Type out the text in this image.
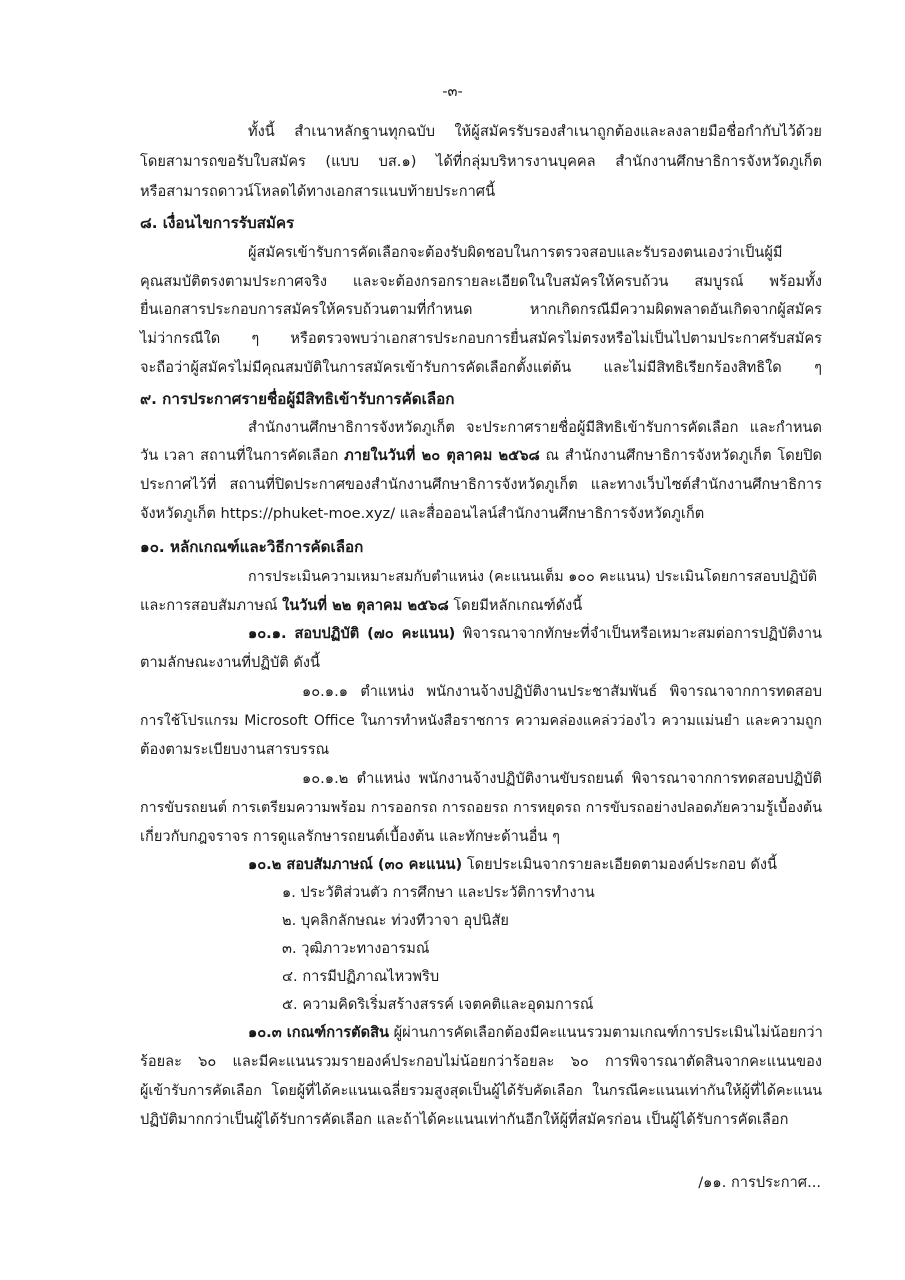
-๓-
ทั้งนี้ สำเนาหลักฐานทุกฉบับ ให้ผู้สมัครรับรองสำเนาถูกต้องและลงลายมือชื่อกำกับไว้ด้วย
โดยสามารถขอรับใบสมัคร (แบบ บส.๑) ได้ที่กลุ่มบริหารงานบุคคล สำนักงานศึกษาธิการจังหวัดภูเก็ต
หรือสามารถดาวน์โหลดได้ทางเอกสารแนบท้ายประกาศนี้
๘. เงื่อนไขการรับสมัคร
ผู้สมัครเข้ารับการคัดเลือกจะต้องรับผิดชอบในการตรวจสอบและรับรองตนเองว่าเป็นผู้มี
คุณสมบัติตรงตามประกาศจริง และจะต้องกรอกรายละเอียดในใบสมัครให้ครบถ้วน สมบูรณ์ พร้อมทั้ง
ยื่นเอกสารประกอบการสมัครให้ครบถ้วนตามที่กำหนด หากเกิดกรณีมีความผิดพลาดอันเกิดจากผู้สมัคร
ไม่ว่ากรณีใด ๆ หรือตรวจพบว่าเอกสารประกอบการยื่นสมัครไม่ตรงหรือไม่เป็นไปตามประกาศรับสมัคร
จะถือว่าผู้สมัครไม่มีคุณสมบัติในการสมัครเข้ารับการคัดเลือกตั้งแต่ต้น และไม่มีสิทธิเรียกร้องสิทธิใด ๆ
๙. การประกาศรายชื่อผู้มีสิทธิเข้ารับการคัดเลือก
สำนักงานศึกษาธิการจังหวัดภูเก็ต จะประกาศรายชื่อผู้มีสิทธิเข้ารับการคัดเลือก และกำหนด
วัน เวลา สถานที่ในการคัดเลือก ภายในวันที่ ๒๐ ตุลาคม ๒๕๖๘ ณ สำนักงานศึกษาธิการจังหวัดภูเก็ต โดยปิด
ประกาศไว้ที่ สถานที่ปิดประกาศของสำนักงานศึกษาธิการจังหวัดภูเก็ต และทางเว็บไซต์สำนักงานศึกษาธิการ
จังหวัดภูเก็ต https://phuket-moe.xyz/ และสื่อออนไลน์สำนักงานศึกษาธิการจังหวัดภูเก็ต
๑๐. หลักเกณฑ์และวิธีการคัดเลือก
การประเมินความเหมาะสมกับตำแหน่ง (คะแนนเต็ม ๑๐๐ คะแนน) ประเมินโดยการสอบปฏิบัติ
และการสอบสัมภาษณ์ ในวันที่ ๒๒ ตุลาคม ๒๕๖๘ โดยมีหลักเกณฑ์ดังนี้
๑๐.๑. สอบปฏิบัติ (๗๐ คะแนน) พิจารณาจากทักษะที่จำเป็นหรือเหมาะสมต่อการปฏิบัติงาน
ตามลักษณะงานที่ปฏิบัติ ดังนี้
๑๐.๑.๑ ตำแหน่ง พนักงานจ้างปฏิบัติงานประชาสัมพันธ์ พิจารณาจากการทดสอบ
การใช้โปรแกรม Microsoft Office ในการทำหนังสือราชการ ความคล่องแคล่วว่องไว ความแม่นยำ และความถูก
ต้องตามระเบียบงานสารบรรณ
๑๐.๑.๒ ตำแหน่ง พนักงานจ้างปฏิบัติงานขับรถยนต์ พิจารณาจากการทดสอบปฏิบัติ
การขับรถยนต์ การเตรียมความพร้อม การออกรถ การถอยรถ การหยุดรถ การขับรถอย่างปลอดภัยความรู้เบื้องต้น
เกี่ยวกับกฎจราจร การดูแลรักษารถยนต์เบื้องต้น และทักษะด้านอื่น ๆ
๑๐.๒ สอบสัมภาษณ์ (๓๐ คะแนน) โดยประเมินจากรายละเอียดตามองค์ประกอบ ดังนี้
๑. ประวัติส่วนตัว การศึกษา และประวัติการทำงาน
๒. บุคลิกลักษณะ ท่วงทีวาจา อุปนิสัย
๓. วุฒิภาวะทางอารมณ์
๔. การมีปฏิภาณไหวพริบ
๕. ความคิดริเริ่มสร้างสรรค์ เจตคติและอุดมการณ์
๑๐.๓ เกณฑ์การตัดสิน ผู้ผ่านการคัดเลือกต้องมีคะแนนรวมตามเกณฑ์การประเมินไม่น้อยกว่า
ร้อยละ ๖๐ และมีคะแนนรวมรายองค์ประกอบไม่น้อยกว่าร้อยละ ๖๐ การพิจารณาตัดสินจากคะแนนของ
ผู้เข้ารับการคัดเลือก โดยผู้ที่ได้คะแนนเฉลี่ยรวมสูงสุดเป็นผู้ได้รับคัดเลือก ในกรณีคะแนนเท่ากันให้ผู้ที่ได้คะแนน
ปฏิบัติมากกว่าเป็นผู้ได้รับการคัดเลือก และถ้าได้คะแนนเท่ากันอีกให้ผู้ที่สมัครก่อน เป็นผู้ได้รับการคัดเลือก
/๑๑. การประกาศ...
